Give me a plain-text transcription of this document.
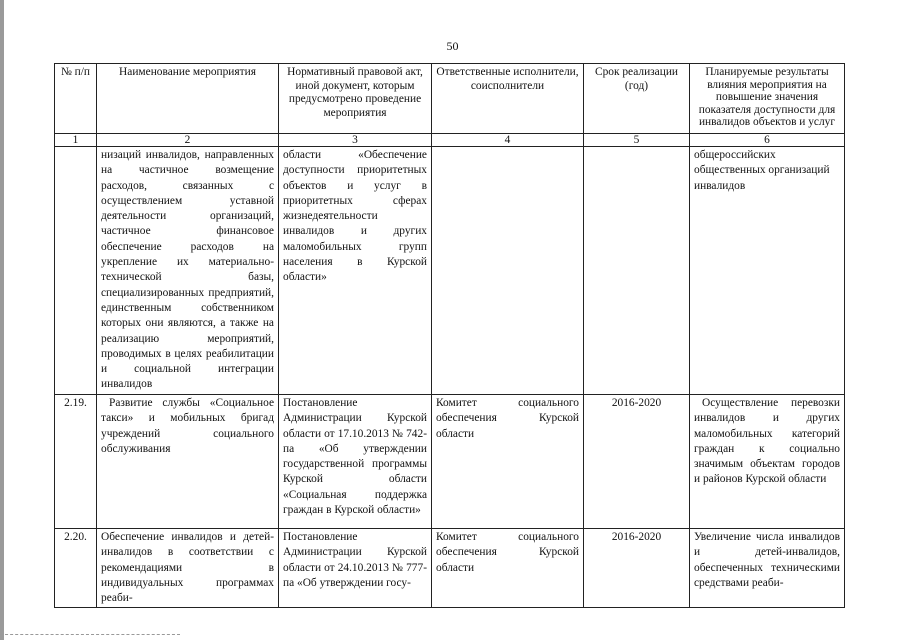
50
№ п/п	Наименование мероприятия	Нормативный правовой акт, иной документ, которым предусмотрено проведение мероприятия	Ответственные исполнители, соисполнители	Срок реализации (год)	Планируемые результаты влияния мероприятия на повышение значения показателя доступности для инвалидов объектов и услуг
1	2	3	4	5	6
	низаций инвалидов, направленных на частичное возмещение расходов, связанных с осуществлением уставной деятельности организаций, частичное финансовое обеспечение расходов на укрепление их материально-технической базы, специализированных предприятий, единственным собственником которых они являются, а также на реализацию мероприятий, проводимых в целях реабилитации и социальной интеграции инвалидов	области «Обеспечение доступности приоритетных объектов и услуг в приоритетных сферах жизнедеятельности инвалидов и других маломобильных групп населения в Курской области»			общероссийских общественных организаций инвалидов
2.19.	Развитие службы «Социальное такси» и мобильных бригад учреждений социального обслуживания	Постановление Администрации Курской области от 17.10.2013 № 742-па «Об утверждении государственной программы Курской области «Социальная поддержка граждан в Курской области»	Комитет социального обеспечения Курской области	2016-2020	Осуществление перевозки инвалидов и других маломобильных категорий граждан к социально значимым объектам городов и районов Курской области
2.20.	Обеспечение инвалидов и детей-инвалидов в соответствии с рекомендациями в индивидуальных программах реаби-	Постановление Администрации Курской области от 24.10.2013 № 777-па «Об утверждении госу-	Комитет социального обеспечения Курской области	2016-2020	Увеличение числа инвалидов и детей-инвалидов, обеспеченных техническими средствами реаби-
